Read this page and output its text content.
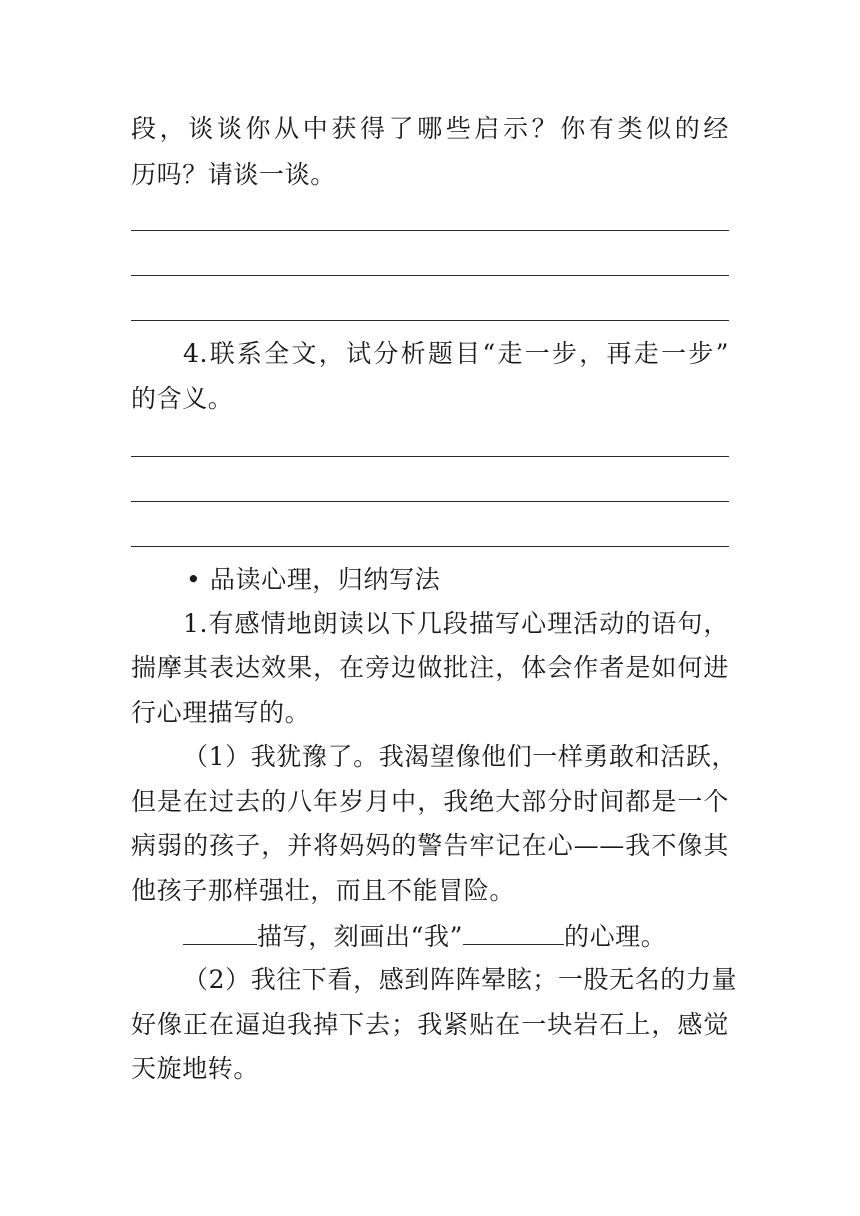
段，谈谈你从中获得了哪些启示？你有类似的经
历吗？请谈一谈。
4.联系全文，试分析题目“走一步，再走一步”
的含义。
• 品读心理，归纳写法
1.有感情地朗读以下几段描写心理活动的语句，
揣摩其表达效果，在旁边做批注，体会作者是如何进
行心理描写的。
（1）我犹豫了。我渴望像他们一样勇敢和活跃，
但是在过去的八年岁月中，我绝大部分时间都是一个
病弱的孩子，并将妈妈的警告牢记在心——我不像其
他孩子那样强壮，而且不能冒险。
描写，刻画出“我”	的心理。
（2）我往下看，感到阵阵晕眩；一股无名的力量
好像正在逼迫我掉下去；我紧贴在一块岩石上，感觉
天旋地转。
